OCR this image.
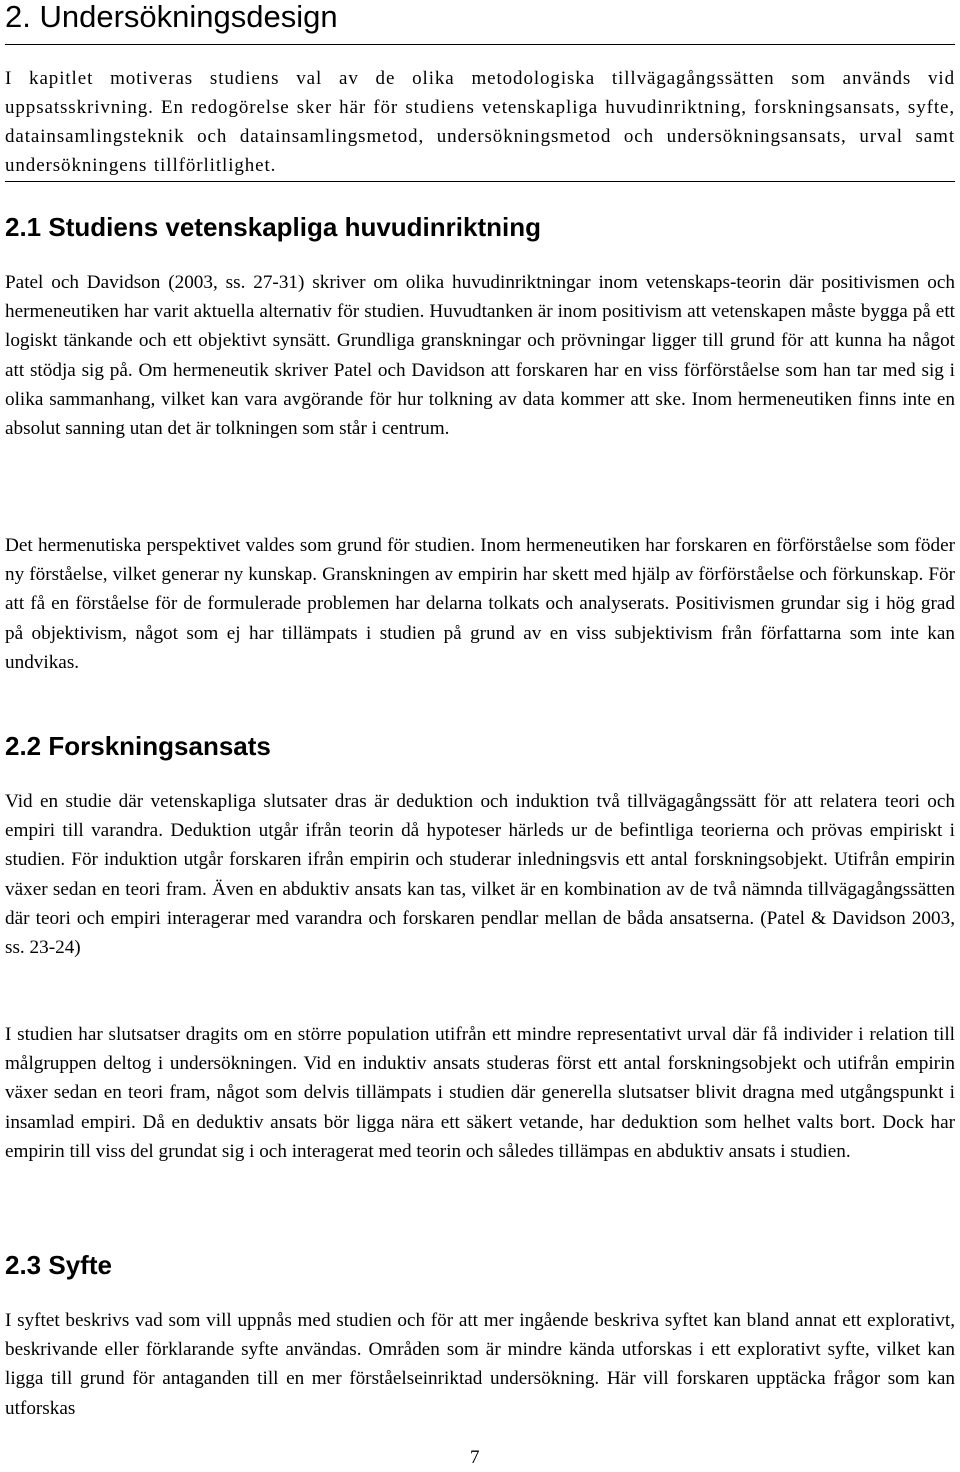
2. Undersökningsdesign
I kapitlet motiveras studiens val av de olika metodologiska tillvägagångssätten som används vid uppsatsskrivning. En redogörelse sker här för studiens vetenskapliga huvudinriktning, forskningsansats, syfte, datainsamlingsteknik och datainsamlingsmetod, undersökningsmetod och undersökningsansats, urval samt undersökningens tillförlitlighet.
2.1 Studiens vetenskapliga huvudinriktning

Patel och Davidson (2003, ss. 27-31) skriver om olika huvudinriktningar inom vetenskaps-teorin där positivismen och hermeneutiken har varit aktuella alternativ för studien. Huvudtanken är inom positivism att vetenskapen måste bygga på ett logiskt tänkande och ett objektivt synsätt. Grundliga granskningar och prövningar ligger till grund för att kunna ha något att stödja sig på. Om hermeneutik skriver Patel och Davidson att forskaren har en viss förförståelse som han tar med sig i olika sammanhang, vilket kan vara avgörande för hur tolkning av data kommer att ske. Inom hermeneutiken finns inte en absolut sanning utan det är tolkningen som står i centrum.

Det hermenutiska perspektivet valdes som grund för studien. Inom hermeneutiken har forskaren en förförståelse som föder ny förståelse, vilket generar ny kunskap. Granskningen av empirin har skett med hjälp av förförståelse och förkunskap. För att få en förståelse för de formulerade problemen har delarna tolkats och analyserats. Positivismen grundar sig i hög grad på objektivism, något som ej har tillämpats i studien på grund av en viss subjektivism från författarna som inte kan undvikas.

2.2 Forskningsansats

Vid en studie där vetenskapliga slutsater dras är deduktion och induktion två tillvägagångssätt för att relatera teori och empiri till varandra. Deduktion utgår ifrån teorin då hypoteser härleds ur de befintliga teorierna och prövas empiriskt i studien. För induktion utgår forskaren ifrån empirin och studerar inledningsvis ett antal forskningsobjekt. Utifrån empirin växer sedan en teori fram. Även en abduktiv ansats kan tas, vilket är en kombination av de två nämnda tillvägagångssätten där teori och empiri interagerar med varandra och forskaren pendlar mellan de båda ansatserna. (Patel & Davidson 2003, ss. 23-24)

I studien har slutsatser dragits om en större population utifrån ett mindre representativt urval där få individer i relation till målgruppen deltog i undersökningen. Vid en induktiv ansats studeras först ett antal forskningsobjekt och utifrån empirin växer sedan en teori fram, något som delvis tillämpats i studien där generella slutsatser blivit dragna med utgångspunkt i insamlad empiri. Då en deduktiv ansats bör ligga nära ett säkert vetande, har deduktion som helhet valts bort. Dock har empirin till viss del grundat sig i och interagerat med teorin och således tillämpas en abduktiv ansats i studien.

2.3 Syfte

I syftet beskrivs vad som vill uppnås med studien och för att mer ingående beskriva syftet kan bland annat ett explorativt, beskrivande eller förklarande syfte användas. Områden som är mindre kända utforskas i ett explorativt syfte, vilket kan ligga till grund för antaganden till en mer förståelseinriktad undersökning. Här vill forskaren upptäcka frågor som kan utforskas

7
